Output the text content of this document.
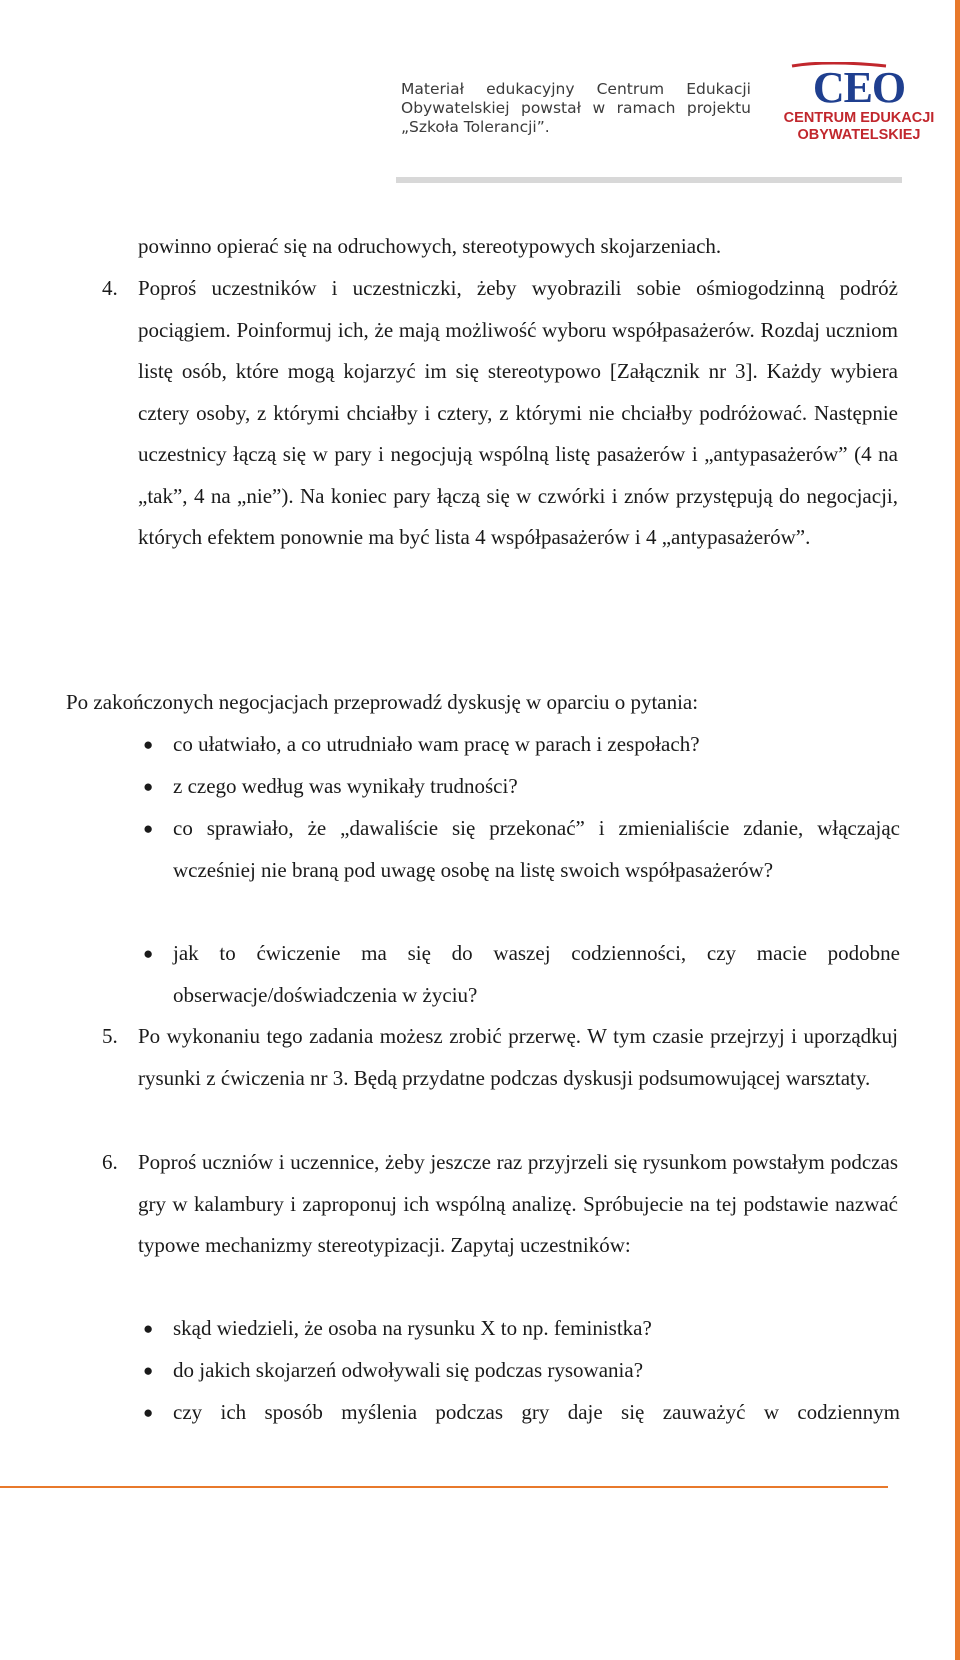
Materiał edukacyjny Centrum Edukacji
Obywatelskiej powstał w ramach projektu
„Szkoła Tolerancji”.
CEO
CENTRUM EDUKACJI
OBYWATELSKIEJ
powinno opierać się na odruchowych, stereotypowych skojarzeniach.
4. Poproś uczestników i uczestniczki, żeby wyobrazili sobie ośmiogodzinną podróż pociągiem. Poinformuj ich, że mają możliwość wyboru współpasażerów. Rozdaj uczniom listę osób, które mogą kojarzyć im się stereotypowo [Załącznik nr 3]. Każdy wybiera cztery osoby, z którymi chciałby i cztery, z którymi nie chciałby podróżować. Następnie uczestnicy łączą się w pary i negocjują wspólną listę pasażerów i „antypasażerów” (4 na „tak”, 4 na „nie”). Na koniec pary łączą się w czwórki i znów przystępują do negocjacji, których efektem ponownie ma być lista 4 współpasażerów i 4 „antypasażerów”.
Po zakończonych negocjacjach przeprowadź dyskusję w oparciu o pytania:
● co ułatwiało, a co utrudniało wam pracę w parach i zespołach?
● z czego według was wynikały trudności?
● co sprawiało, że „dawaliście się przekonać” i zmienialiście zdanie, włączając wcześniej nie braną pod uwagę osobę na listę swoich współpasażerów?
● jak to ćwiczenie ma się do waszej codzienności, czy macie podobne obserwacje/doświadczenia w życiu?
5. Po wykonaniu tego zadania możesz zrobić przerwę. W tym czasie przejrzyj i uporządkuj rysunki z ćwiczenia nr 3. Będą przydatne podczas dyskusji podsumowującej warsztaty.
6. Poproś uczniów i uczennice, żeby jeszcze raz przyjrzeli się rysunkom powstałym podczas gry w kalambury i zaproponuj ich wspólną analizę. Spróbujecie na tej podstawie nazwać typowe mechanizmy stereotypizacji. Zapytaj uczestników:
● skąd wiedzieli, że osoba na rysunku X to np. feministka?
● do jakich skojarzeń odwoływali się podczas rysowania?
● czy ich sposób myślenia podczas gry daje się zauważyć w codziennym
